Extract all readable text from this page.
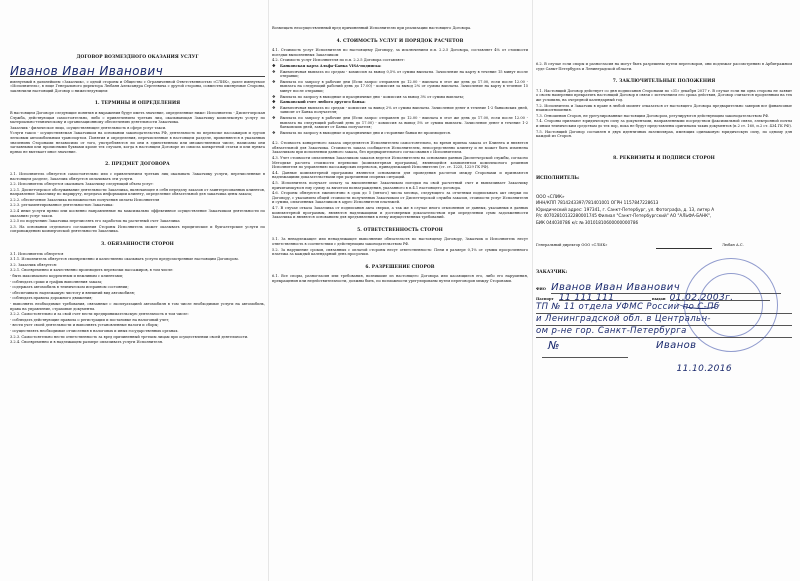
ДОГОВОР ВОЗМЕЗДНОГО ОКАЗАНИЯ УСЛУГ
Иванов Иван Иванович

именуемый в дальнейшем «Заказчик», с одной стороны и Общество с Ограниченной Ответственностью «СЛИК», далее именуемое «Исполнитель», в лице Генерального директора Любаня Александра Сергеевича с другой стороны, совместно именуемые Стороны, заключили настоящий Договор о нижеследующем:

1. ТЕРМИНЫ И ОПРЕДЕЛЕНИЯ

В настоящем Договоре следующие понятия и выражения будут иметь значение, определенные ниже: Исполнитель - Диспетчерская Служба, действующая самостоятельно, либо с привлечением третьих лиц, оказывающая Заказчику комплексную услугу по материально-техническому и организационному обеспечению деятельности Заказчика.

Заказчик - физическое лицо, осуществляющее деятельность в сфере услуг такси.

Услуги такси - осуществляемая Заказчиком на основании законодательства РФ, деятельность по перевозке пассажиров и грузов легковым автомобильным транспортом. Понятия и определения, перечисленные в настоящем разделе, применяются в указанных значениях Сторонами независимо от того, употребляются ли они в единственном или множественном числе, написаны они заглавными или прописными буквами кроме тех случаев, когда в настоящем Договоре из смысла конкретной статьи и или пункта прямо не вытекает иное значение.

2. ПРЕДМЕТ ДОГОВОРА

2.1. Исполнитель обязуется самостоятельно или с привлечением третьих лиц оказывать Заказчику услуги, перечисленные в настоящем разделе, Заказчик обязуется оплачивать эти услуги.

2.2. Исполнитель обязуется оказывать Заказчику следующий объем услуг:

2.2.1. Диспетчерское обслуживание деятельности Заказчика, включающее в себя передачу заказов от заинтересованных клиентов, направление Заказчику по маршруту, передача информации клиенту, определение обязательной для заказчика цены заказа;

2.2.2. обеспечение Заказчика возможностью получения оплаты Исполнителя

2.2.3. регламентированное деятельностью Заказчика:

2.2.4 иные услуги прямо или косвенно направленные на максимально эффективное осуществление Заказчиком деятельности по оказанию услуг такси.

2.2.5 по поручению Заказчика перечислять его заработок на расчетный счет Заказчика

2.3. На основании отдельного соглашения Стороны Исполнитель может оказывать юридические и бухгалтерские услуги по сопровождению коммерческой деятельности Заказчика.

3. ОБЯЗАННОСТИ СТОРОН

3.1. Исполнитель обязуется

3.1.1. Исполнитель обязуется своевременно и качественно оказывать услуги предусмотренные настоящим Договором.

3.2. Заказчик обязуется:

3.2.1. Своевременно и качественно производить перевозки пассажиров, в том числе:

- быть максимально корректным и вежливым с клиентами;

- соблюдать сроки и график выполнения заказа;

- содержать автомобиль в техническом исправном состоянии;

- обеспечивать надлежащую чистоту и внешний вид автомобиля;

- соблюдать правила дорожного движения;

- выполнять необходимые требования, связанные с эксплуатацией автомобиля в том числе необходимые услуги на автомобиль, права на управление, страховые документы.

3.2.2. Самостоятельно и за свой счет вести предпринимательскую деятельность в том числе:

- соблюдать действующие правила о регистрации и постановке на налоговый учет;

- вести учет своей деятельности и выполнять установленные налоги и сборы;

- осуществлять необходимые отчисления в налоговых и иных государственных органах.

3.2.3. Самостоятельно нести ответственность за вред причиненный третьим лицам при осуществлении своей деятельности.

3.2.4. Своевременно и в надлежащем размере оплачивать услуги Исполнителя.

Возмещать неосуществленный вред причиненный Исполнителю при реализации настоящего Договора.

4. СТОИМОСТЬ УСЛУГ И ПОРЯДОК РАСЧЕТОВ

4.1. Стоимость услуг Исполнителя по настоящему Договору, за исключением п.п. 2.2.5 Договора, составляет 4% от стоимости поездки выполненных Заказчиком

4.2. Стоимость услуг Исполнителя по п.п. 2.2.5 Договора составляет:

❖ Банковская карта Альфа-Банка VISA-подписка:

❖ Ежемесячная выплата по средам - комиссия за вывод 0,5% от суммы выплаты. Зачисление на карту в течение 15 минут после отправки;

❖ Выплата по запросу в рабочие дни (Если запрос отправлен до 12.00 - выплата в этот же день до 17.00, если после 12.00 - выплата на следующий рабочий день до 17.00) - комиссия за вывод 2% от суммы выплаты. Зачисление на карту в течение 15 минут после отправки;

❖ Выплата по запросу в выходные и праздничные дни - комиссия за вывод 3% от суммы выплаты;

❖ Банковский счет любого другого банка:

❖ Ежемесячная выплата по средам - комиссия за вывод 2% от суммы выплаты. Зачисление денег в течение 1-2 банковских дней, зависит от Банка получателя;

❖ Выплата по запросу в рабочие дни (Если запрос отправлен до 12.00 - выплата в этот же день до 17.00, если после 12.00 - выплата на следующий рабочий день до 17.00) - комиссия за вывод 5% от суммы выплаты. Зачисление денег в течение 1-2 банковских дней, зависит от Банка получателя;

❖ Выплата по запросу в выходные и праздничные дни и сторонние банки не производится.

4.2. Стоимость конкретного заказа определяется Исполнителем самостоятельно, во время приема заказа от Клиента и является обязательной для Заказчика. Стоимость заказа сообщается Исполнителем, непосредственно клиенту и не может быть изменена Заказчиком при исполнении данного заказа, без предварительного согласования с Исполнителем.

4.3. Учет стоимости оплаченных Заказчиком заказов ведется Исполнителем на основании данных Диспетчерской службы, согласно Методике расчета стоимости перевозки (компьютерная программа), являющейся компонентом комплексного решения Исполнителя по управлению пассажирских перевозок, принадлежащей Исполнителю (ст. ст. 1225, 1229 ГК РФ).

4.4. Данные компьютерной программы являются основанием для проведения расчетов между Сторонами и признаются надлежащими доказательствами при разрешении спорных ситуаций.

4.5. Исполнитель получает оплату за выполненные Заказчиком поездки на свой расчетный счет и выплачивает Заказчику причитающуюся ему сумму за вычетом вознаграждения, указанного в п.4.1 настоящего договора.

4.6. Стороны обязуются ежемесячно в срок до 5 (пятого) числа месяца, следующего за отчетным подписывать акт сверки по Договору, с указанием общей стоимости полученных Заказчиком от Диспетчерской службы заказов, стоимости услуг Исполнителя и суммы, оплаченных Заказчиком в адрес Исполнителя платежей.

4.7. В случае отказа Заказчика от подписания акта сверки, а так же в случае иного отклонения от данных, указанных в данных компьютерной программы, являются надлежащими и достоверным доказательством при определении сумм задолженности Заказчика и являются основанием для предъявления к нему имущественных требований.

5. ОТВЕТСТВЕННОСТЬ СТОРОН

5.1. За ненадлежащее или ненадлежащее выполнение обязательств по настоящему Договору, Заказчик и Исполнитель несут ответственность в соответствии с действующим законодательством РФ.

5.2. За нарушение сроков, связанных с оплатой стороны несут ответственность: Пени в размере 0,1% от суммы просроченного платежа за каждый календарный день просрочки.

6. РАЗРЕШЕНИЕ СПОРОВ

6.1. Все споры, разногласия или требования, возникшие из настоящего Договора или касающиеся его, либо его нарушения, прекращения или недействительности, должны быть, по возможности урегулированы путем переговоров между Сторонами.

6.2. В случае если споры и разногласия на могут быть разрешены путем переговоров, они подлежат рассмотрению в Арбитражном суде Санкт-Петербурга и Ленинградской области.

7. ЗАКЛЮЧИТЕЛЬНЫЕ ПОЛОЖЕНИЯ

7.1. Настоящий Договор действует со дня подписания Сторонами по «31» декабря 2017 г. В случае если ни одна сторона не заявит о своем намерении прекратить настоящий Договор в связи с истечением его срока действия, Договор считается продленным на тех же условиях, на очередной календарный год.

7.2. Исполнитель и Заказчик в праве в любой момент отказаться от настоящего Договора предварительно заверив все финансовые взаимоотношения.

7.3. Отношения Сторон, не урегулированные настоящим Договором, регулируются действующим законодательством РФ.

7.4. Стороны признают юридическую силу за документами, направленными посредством факсимильной связи, электронной почты и иным техническим средствам до тех пор, пока не будут представлены оригиналы таких документов (п.2 ст. 160, п.2 ст. 434 ГК РФ).

7.5. Настоящий Договор составлен в двух идентичных экземплярах, имеющих одинаковую юридическую силу, по одному для каждой из Сторон.

8. РЕКВИЗИТЫ И ПОДПИСИ СТОРОН

ИСПОЛНИТЕЛЬ:

ООО «СЛИК»

ИНН/КПП 7814243397/781401001 ОГРН 1157847228613

Юридический адрес: 197341, г. Санкт-Петербург, ул. Фотографа, д. 13, литер А

Р/с 40702810132280001745 Филиал "Санкт-Петербургский" АО "АЛЬФА-БАНК",

БИК 044030786 к/с № 30101810600000000786

Генеральный директор ООО «СЛИК»	Любан А.С.

ЗАКАЗЧИК:

ФИО Иванов Иван Иванович
Паспорт 11 111 111	выдан 01.02.2003г.
ТП № 11 отдела УФМС России по С-Пб
и Ленинградской обл. в Центральн-
ом р-не гор. Санкт-Петербурга
№	Иванов
11.10.2016
